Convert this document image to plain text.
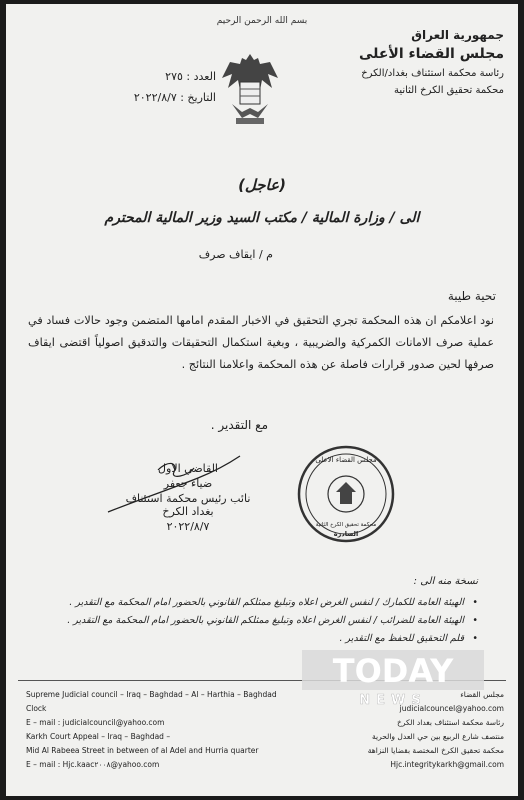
بسم الله الرحمن الرحيم
جمهورية العراق
مجلس القضاء الأعلى
رئاسة محكمة استئناف بغداد/الكرخ
محكمة تحقيق الكرخ الثانية
العدد : ٢٧٥
التاريخ : ٢٠٢٢/٨/٧
(عاجل)
الى / وزارة المالية / مكتب السيد وزير المالية المحترم
م / ايقاف صرف
تحية طيبة
نود اعلامكم ان هذه المحكمة تجري التحقيق في الاخبار المقدم امامها المتضمن وجود حالات فساد في عملية صرف الامانات الكمركية والضريبية ، وبغية استكمال التحقيقات والتدقيق اصولياً اقتضى ايقاف صرفها لحين صدور قرارات فاصلة عن هذه المحكمة واعلامنا النتائج .
مع التقدير .
القاضي الاول
ضياء جعفر
نائب رئيس محكمة استئناف بغداد الكرخ
٢٠٢٢/٨/٧
مجلس القضاء الاعلى
محكمة تحقيق الكرخ الثانية
الصادرة
نسخة منه الى :
• الهيئة العامة للكمارك / لنفس الغرض اعلاه وتبليغ ممثلكم القانوني بالحضور امام المحكمة مع التقدير .
• الهيئة العامة للضرائب / لنفس الغرض اعلاه وتبليغ ممثلكم القانوني بالحضور امام المحكمة مع التقدير .
• قلم التحقيق للحفظ مع التقدير .
Supreme Judicial council – Iraq – Baghdad – Al – Harthia – Baghdad Clock
E – mail : judicialcouncil@yahoo.com
Karkh Court Appeal – Iraq – Baghdad –
Mid Al Rabeea Street in between of al Adel and Hurria quarter
E – mail : Hjc.kaac٢٠٠٨@yahoo.com
مجلس القضاء
judicialcouncel@yahoo.com
رئاسة محكمة استئناف بغداد الكرخ
منتصف شارع الربيع بين حي العدل والحرية
محكمة تحقيق الكرخ المختصة بقضايا النزاهة
Hjc.integritykarkh@gmail.com
TODAY
NEWS
